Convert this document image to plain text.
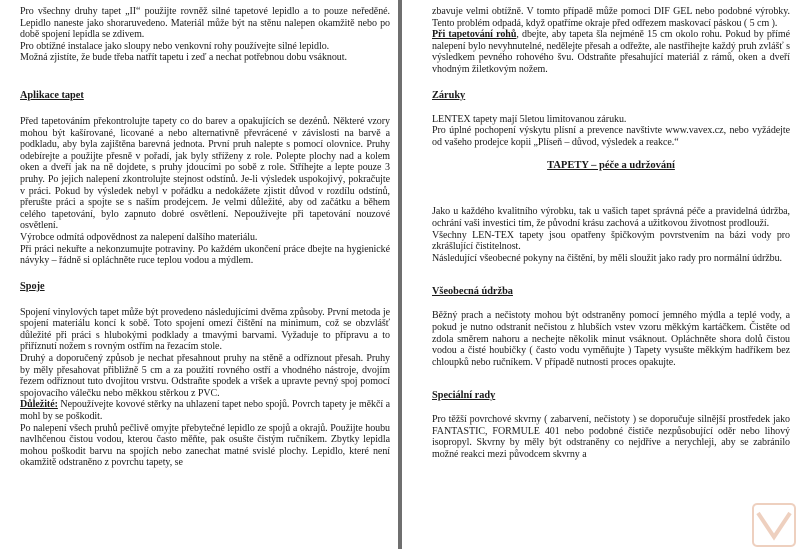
Pro všechny druhy tapet „II“ použijte rovněž silné tapetové lepidlo a to pouze neředěné. Lepidlo naneste jako shoraruvedeno. Materiál může být na stěnu nalepen okamžitě nebo po době spojení lepidla se zdivem.

Pro obtížné instalace jako sloupy nebo venkovní rohy používejte silné lepidlo.

Možná zjistíte, že bude třeba natřít tapetu i zeď a nechat potřebnou dobu vsáknout.

Aplikace tapet

Před tapetováním překontrolujte tapety co do barev a opakujících se dezénů. Některé vzory mohou být kašírované, licované a nebo alternativně převrácené v závislosti na barvě a podkladu, aby byla zajištěna barevná jednota. První pruh nalepte s pomocí olovnice. Pruhy odebírejte a použijte přesně v pořadí, jak byly stříženy z role. Polepte plochy nad a kolem oken a dveří jak na ně dojdete, s pruhy jdoucími po sobě z role. Stříhejte a lepte pouze 3 pruhy. Po jejich nalepení zkontrolujte stejnost odstínů. Je-li výsledek uspokojivý, pokračujte v práci. Pokud by výsledek nebyl v pořádku a nedokážete zjistit důvod v rozdílu odstínů, přerušte práci a spojte se s naším prodejcem. Je velmi důležité, aby od začátku a během celého tapetování, bylo zapnuto dobré osvětlení. Nepoužívejte při tapetování nouzové osvětlení.

Výrobce odmítá odpovědnost za nalepení dalšího materiálu.

Při práci nekuřte a nekonzumujte potraviny. Po každém ukončení práce dbejte na hygienické návyky – řádně si opláchněte ruce teplou vodou a mýdlem.

Spoje

Spojení vinylových tapet může být provedeno následujícími dvěma způsoby. První metoda je spojení materiálu koncí k sobě. Toto spojení omezí čištění na minimum, což se obzvlášť důležité při práci s hlubokými podklady a tmavými barvami. Vyžaduje to přípravu a to přiříznutí nožem s rovným ostřím na řezacím stole.

Druhý a doporučený způsob je nechat přesahnout pruhy na stěně a odříznout přesah. Pruhy by měly přesahovat přibližně 5 cm a za použití rovného ostří a vhodného nástroje, dvojím řezem odříznout tuto dvojitou vrstvu. Odstraňte spodek a vršek a upravte pevný spoj pomocí spojovacího válečku nebo měkkou stěrkou z PVC.

Důležité: Nepoužívejte kovové stěrky na uhlazení tapet nebo spojů. Povrch tapety je měkčí a mohl by se poškodit.

Po nalepení všech pruhů pečlivě omyjte přebytečné lepidlo ze spojů a okrajů. Použijte houbu navlhčenou čistou vodou, kterou často měňte, pak osušte čistým ručníkem. Zbytky lepidla mohou poškodit barvu na spojích nebo zanechat matné svislé plochy. Lepidlo, které není okamžitě odstraněno z povrchu tapety, se

zbavuje velmi obtížně. V tomto případě může pomoci DIF GEL nebo podobné výrobky. Tento problém odpadá, když opatříme okraje před odřezem maskovací páskou ( 5 cm ).

Při tapetování rohů, dbejte, aby tapeta šla nejméně 15 cm okolo rohu. Pokud by přímé nalepení bylo nevyhnutelné, nedělejte přesah a odřežte, ale nastřihejte každý pruh zvlášť s výsledkem pevného rohového švu. Odstraňte přesahující materiál z rámů, oken a dveří vhodným žiletkovým nožem.

Záruky

LENTEX tapety mají 5letou limitovanou záruku.

Pro úplné pochopení výskytu plísní a prevence navštivte www.vavex.cz, nebo vyžádejte od vašeho prodejce kopii „Plíseň – důvod, výsledek a reakce.“

TAPETY – péče a udržování

Jako u každého kvalitního výrobku, tak u vašich tapet správná péče a pravidelná údržba, ochrání vaši investici tím, že původní krásu zachová a užitkovou životnost prodlouží.

Všechny LEN-TEX tapety jsou opatřeny špičkovým povrstvením na bázi vody pro zkrášlující čistitelnost.

Následující všeobecné pokyny na čištění, by měli sloužit jako rady pro normální údržbu.

Všeobecná údržba

Běžný prach a nečistoty mohou být odstraněny pomocí jemného mýdla a teplé vody, a pokud je nutno odstranit nečistou z hlubších vstev vzoru měkkým kartáčkem. Čistěte od zdola směrem nahoru a nechejte několik minut vsáknout. Opláchněte shora dolů čistou vodou a čisté houbičky ( často vodu vyměňujte ) Tapety vysušte měkkým hadříkem bez chloupků nebo ručníkem. V případě nutnosti proces opakujte.

Speciální rady

Pro těžší povrchové skvrny ( zabarvení, nečistoty ) se doporučuje silnější prostředek jako FANTASTIC, FORMULE 401 nebo podobné čističe nezpůsobující oděr nebo lihový isopropyl. Skvrny by měly být odstraněny co nejdříve a nerychleji, aby se zabránilo možné reakci mezi původcem skvrny a
